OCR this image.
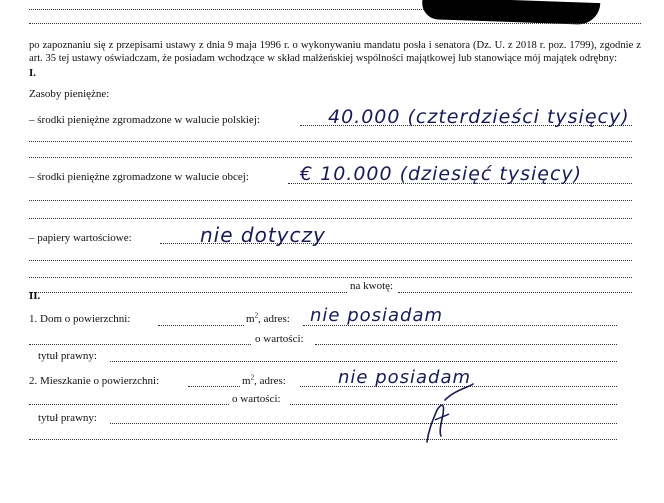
po zapoznaniu się z przepisami ustawy z dnia 9 maja 1996 r. o wykonywaniu mandatu posła i senatora (Dz. U. z 2018 r. poz. 1799), zgodnie z art. 35 tej ustawy oświadczam, że posiadam wchodzące w skład małżeńskiej wspólności majątkowej lub stanowiące mój majątek odrębny:
I.
Zasoby pieniężne:
– środki pieniężne zgromadzone w walucie polskiej:	40.000 (czterdzieści tysięcy)
– środki pieniężne zgromadzone w walucie obcej:	€ 10.000 (dziesięć tysięcy)
– papiery wartościowe:	nie dotyczy
na kwotę:
II.
1. Dom o powierzchni:	$m^2$, adres: nie posiadam
o wartości:
tytuł prawny:
2. Mieszkanie o powierzchni:	$m^2$, adres:	nie posiadam
o wartości:
tytuł prawny:
